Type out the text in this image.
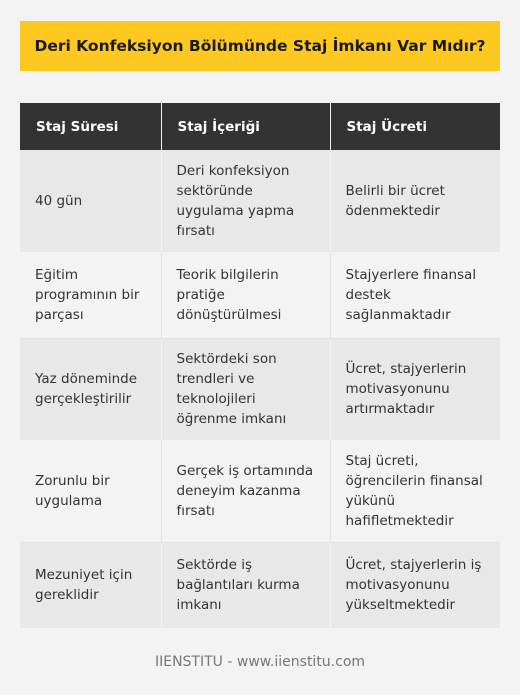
Deri Konfeksiyon Bölümünde Staj İmkanı Var Mıdır?
Staj Süresi	Staj İçeriği	Staj Ücreti
40 gün	Deri konfeksiyon sektöründe uygulama yapma fırsatı	Belirli bir ücret ödenmektedir
Eğitim programının bir parçası	Teorik bilgilerin pratiğe dönüştürülmesi	Stajyerlere finansal destek sağlanmaktadır
Yaz döneminde gerçekleştirilir	Sektördeki son trendleri ve teknolojileri öğrenme imkanı	Ücret, stajyerlerin motivasyonunu artırmaktadır
Zorunlu bir uygulama	Gerçek iş ortamında deneyim kazanma fırsatı	Staj ücreti, öğrencilerin finansal yükünü hafifletmektedir
Mezuniyet için gereklidir	Sektörde iş bağlantıları kurma imkanı	Ücret, stajyerlerin iş motivasyonunu yükseltmektedir
IIENSTITU - www.iienstitu.com
